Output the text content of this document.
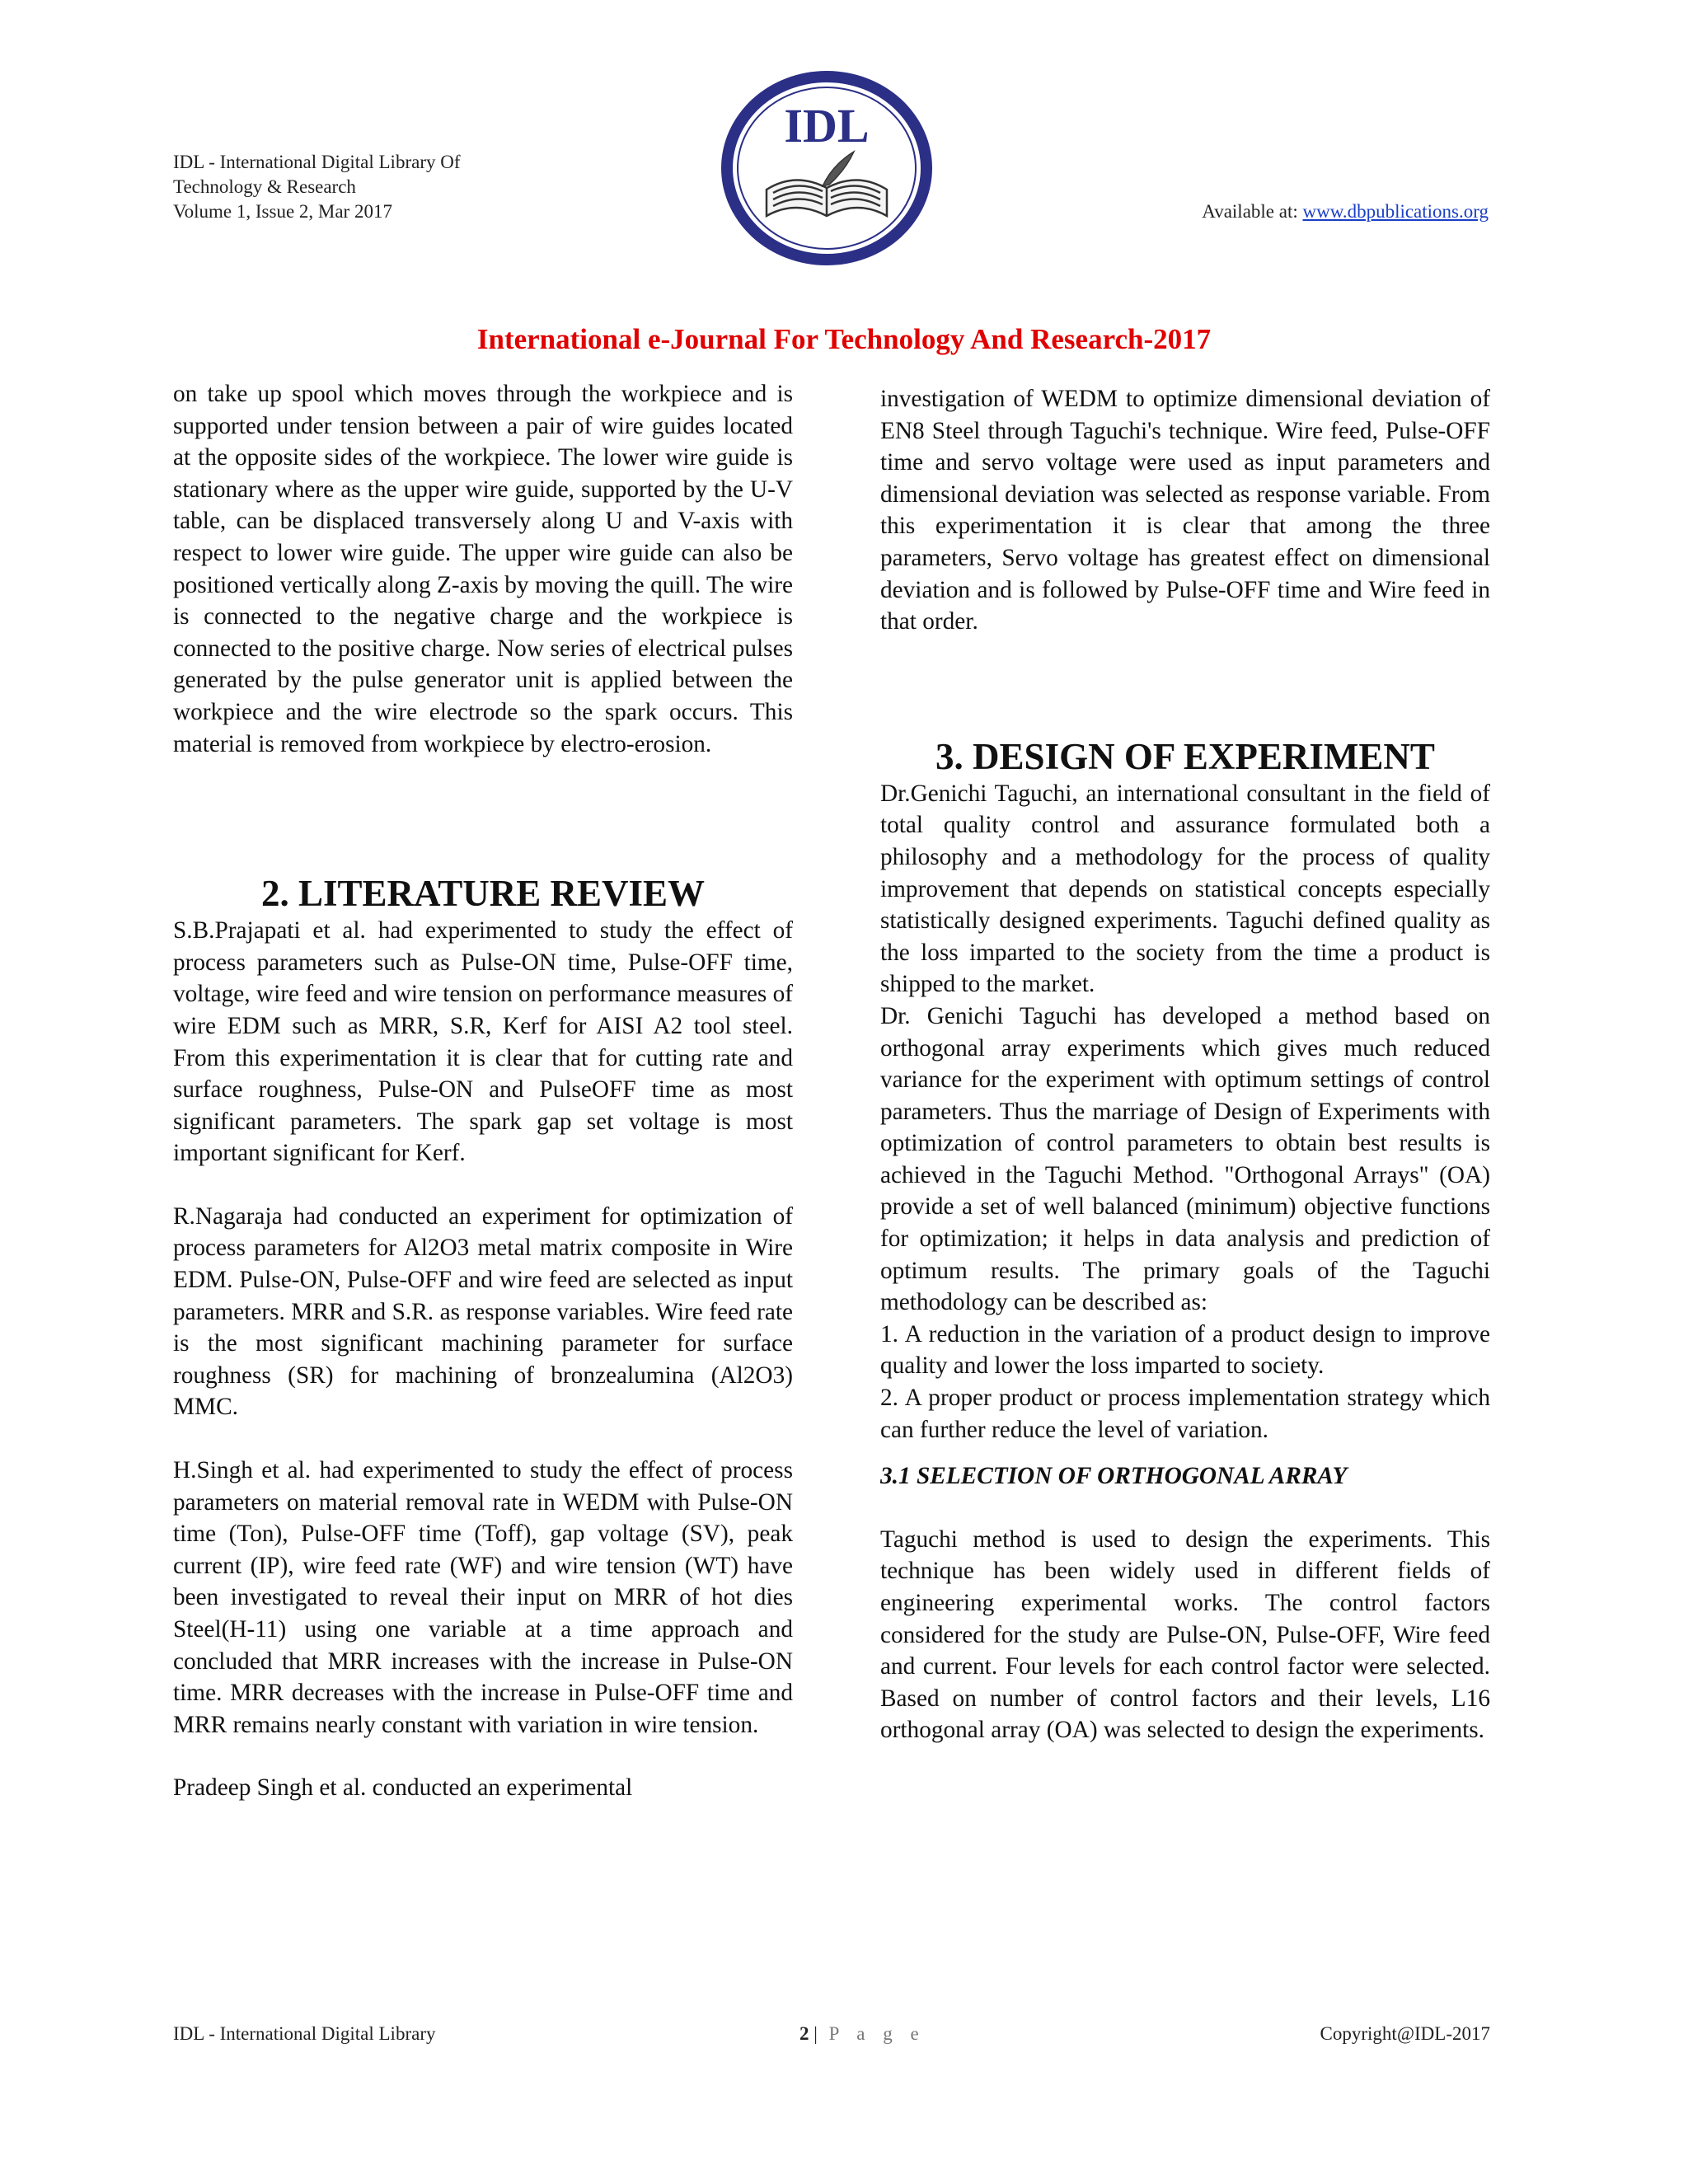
IDL - International Digital Library Of
Technology & Research
Volume 1, Issue 2, Mar 2017
IDL
Available at: www.dbpublications.org
International e-Journal For Technology And Research-2017

on take up spool which moves through the workpiece and is supported under tension between a pair of wire guides located at the opposite sides of the workpiece. The lower wire guide is stationary where as the upper wire guide, supported by the U-V table, can be displaced transversely along U and V-axis with respect to lower wire guide. The upper wire guide can also be positioned vertically along Z-axis by moving the quill. The wire is connected to the negative charge and the workpiece is connected to the positive charge. Now series of electrical pulses generated by the pulse generator unit is applied between the workpiece and the wire electrode so the spark occurs. This material is removed from workpiece by electro-erosion.

2. LITERATURE REVIEW

S.B.Prajapati et al. had experimented to study the effect of process parameters such as Pulse-ON time, Pulse-OFF time, voltage, wire feed and wire tension on performance measures of wire EDM such as MRR, S.R, Kerf for AISI A2 tool steel. From this experimentation it is clear that for cutting rate and surface roughness, Pulse-ON and PulseOFF time as most significant parameters. The spark gap set voltage is most important significant for Kerf.

R.Nagaraja had conducted an experiment for optimization of process parameters for Al2O3 metal matrix composite in Wire EDM. Pulse-ON, Pulse-OFF and wire feed are selected as input parameters. MRR and S.R. as response variables. Wire feed rate is the most significant machining parameter for surface roughness (SR) for machining of bronzealumina (Al2O3) MMC.

H.Singh et al. had experimented to study the effect of process parameters on material removal rate in WEDM with Pulse-ON time (Ton), Pulse-OFF time (Toff), gap voltage (SV), peak current (IP), wire feed rate (WF) and wire tension (WT) have been investigated to reveal their input on MRR of hot dies Steel(H-11) using one variable at a time approach and concluded that MRR increases with the increase in Pulse-ON time. MRR decreases with the increase in Pulse-OFF time and MRR remains nearly constant with variation in wire tension.

Pradeep Singh et al. conducted an experimental

investigation of WEDM to optimize dimensional deviation of EN8 Steel through Taguchi's technique. Wire feed, Pulse-OFF time and servo voltage were used as input parameters and dimensional deviation was selected as response variable. From this experimentation it is clear that among the three parameters, Servo voltage has greatest effect on dimensional deviation and is followed by Pulse-OFF time and Wire feed in that order.

3. DESIGN OF EXPERIMENT

Dr.Genichi Taguchi, an international consultant in the field of total quality control and assurance formulated both a philosophy and a methodology for the process of quality improvement that depends on statistical concepts especially statistically designed experiments. Taguchi defined quality as the loss imparted to the society from the time a product is shipped to the market.

Dr. Genichi Taguchi has developed a method based on orthogonal array experiments which gives much reduced variance for the experiment with optimum settings of control parameters. Thus the marriage of Design of Experiments with optimization of control parameters to obtain best results is achieved in the Taguchi Method. "Orthogonal Arrays" (OA) provide a set of well balanced (minimum) objective functions for optimization; it helps in data analysis and prediction of optimum results. The primary goals of the Taguchi methodology can be described as:

1. A reduction in the variation of a product design to improve quality and lower the loss imparted to society.

2. A proper product or process implementation strategy which can further reduce the level of variation.

3.1 SELECTION OF ORTHOGONAL ARRAY

Taguchi method is used to design the experiments. This technique has been widely used in different fields of engineering experimental works. The control factors considered for the study are Pulse-ON, Pulse-OFF, Wire feed and current. Four levels for each control factor were selected. Based on number of control factors and their levels, L16 orthogonal array (OA) was selected to design the experiments.

IDL - International Digital Library	2 | P a g e	Copyright@IDL-2017
